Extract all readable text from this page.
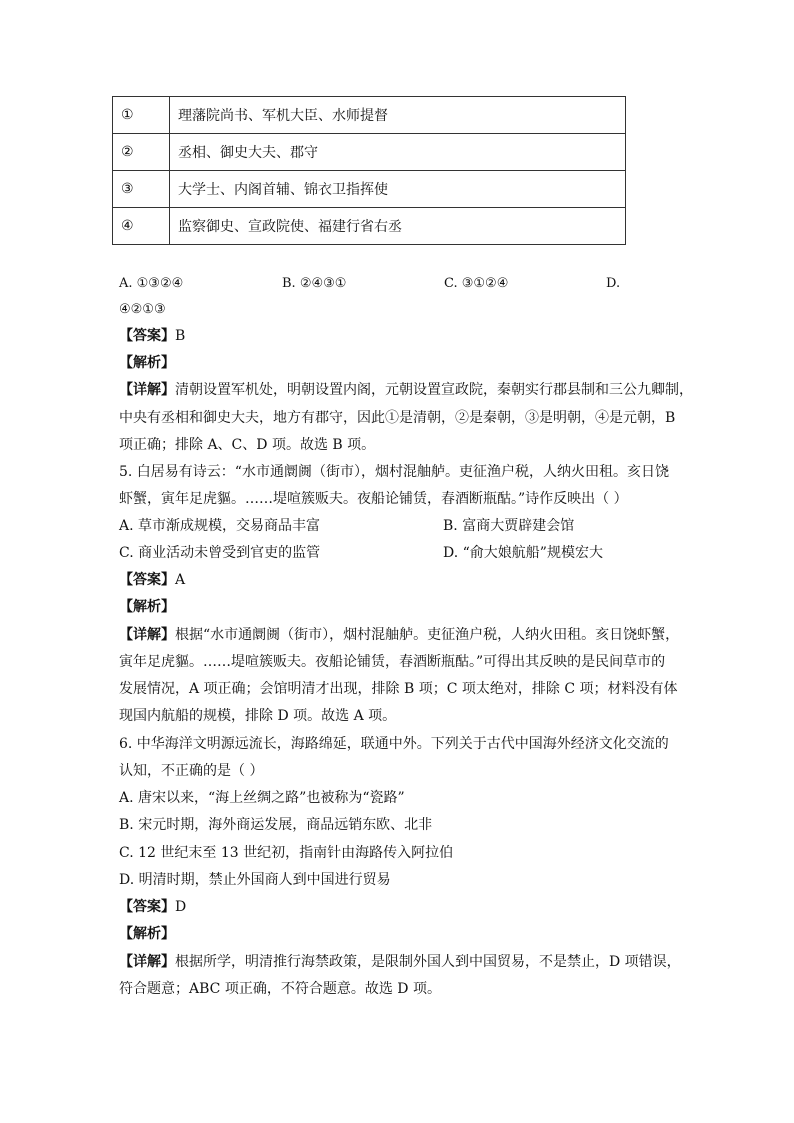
①	理藩院尚书、军机大臣、水师提督
②	丞相、御史大夫、郡守
③	大学士、内阁首辅、锦衣卫指挥使
④	监察御史、宣政院使、福建行省右丞
A. ①③②④	B. ②④③①	C. ③①②④	D.
④②①③
【答案】B
【解析】
【详解】清朝设置军机处，明朝设置内阁，元朝设置宣政院，秦朝实行郡县制和三公九卿制，
中央有丞相和御史大夫，地方有郡守，因此①是清朝，②是秦朝，③是明朝，④是元朝，B
项正确；排除 A、C、D 项。故选 B 项。
5. 白居易有诗云：“水市通阛阓（街市），烟村混舳舻。吏征渔户税，人纳火田租。亥日饶
虾蟹，寅年足虎貙。……堤喧簇贩夫。夜船论铺赁，春酒断瓶酤。”诗作反映出（ ）
A. 草市渐成规模，交易商品丰富	B. 富商大贾辟建会馆
C. 商业活动未曾受到官吏的监管	D. “俞大娘航船”规模宏大
【答案】A
【解析】
【详解】根据“水市通阛阓（街市），烟村混舳舻。吏征渔户税，人纳火田租。亥日饶虾蟹，
寅年足虎貙。……堤喧簇贩夫。夜船论铺赁，春酒断瓶酤。”可得出其反映的是民间草市的
发展情况，A 项正确；会馆明清才出现，排除 B 项；C 项太绝对，排除 C 项；材料没有体
现国内航船的规模，排除 D 项。故选 A 项。
6. 中华海洋文明源远流长，海路绵延，联通中外。下列关于古代中国海外经济文化交流的
认知，不正确的是（ ）
A. 唐宋以来，“海上丝绸之路”也被称为“瓷路”
B. 宋元时期，海外商运发展，商品远销东欧、北非
C. 12 世纪末至 13 世纪初，指南针由海路传入阿拉伯
D. 明清时期，禁止外国商人到中国进行贸易
【答案】D
【解析】
【详解】根据所学，明清推行海禁政策，是限制外国人到中国贸易，不是禁止，D 项错误，
符合题意；ABC 项正确，不符合题意。故选 D 项。
